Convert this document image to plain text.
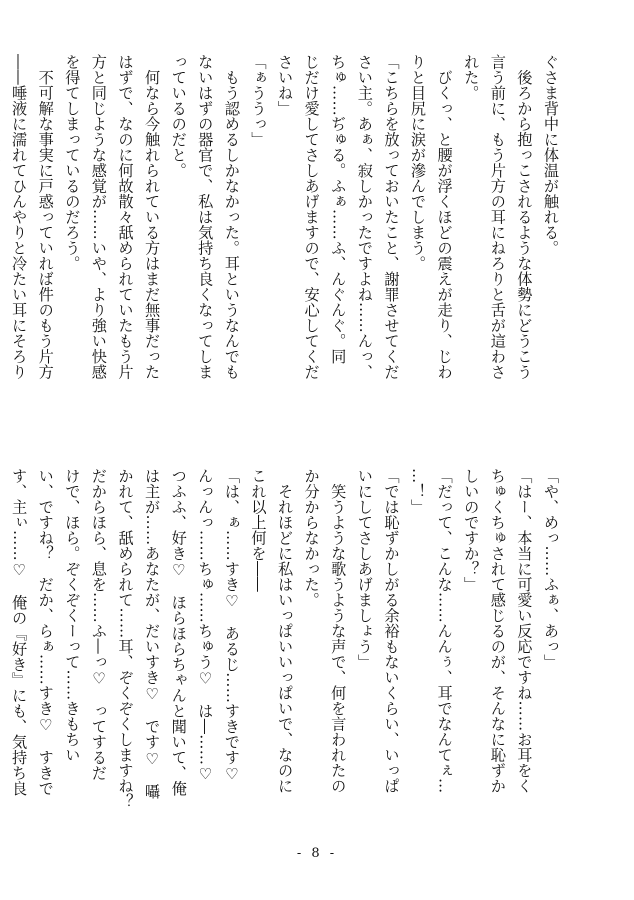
ぐさま背中に体温が触れる。
　後ろから抱っこされるような体勢にどうこう
言う前に、もう片方の耳にねろりと舌が這わさ
れた。
　びくっ、と腰が浮くほどの震えが走り、じわ
りと目尻に涙が滲んでしまう。
「こちらを放っておいたこと、謝罪させてくだ
さい主。あぁ、寂しかったですよね……んっ、
ちゅ……ぢゅる。ふぁ……ふ、んぐんぐ。同
じだけ愛してさしあげますので、安心してくだ
さいね」
「ぁううっ」
　もう認めるしかなかった。耳というなんでも
ないはずの器官で、私は気持ち良くなってしま
っているのだと。
　何なら今触れられている方はまだ無事だった
はずで、なのに何故散々舐められていたもう片
方と同じような感覚が……いや、より強い快感
を得てしまっているのだろう。
　不可解な事実に戸惑っていれば件のもう片方
――唾液に濡れてひんやりと冷たい耳にそろり
「や、めっ……ふぁ、あっ」
「はー、本当に可愛い反応ですね……お耳をく
ちゅくちゅされて感じるのが、そんなに恥ずか
しいのですか？」
「だって、こんな……んんぅ、耳でなんてぇ…
…！」
「では恥ずかしがる余裕もないくらい、いっぱ
いにしてさしあげましょう」
　笑うような歌うような声で、何を言われたの
か分からなかった。
　それほどに私はいっぱいいっぱいで、なのに
これ以上何を――
「は、ぁ……すき♡　あるじ……すきです♡
んっんっ……ちゅ……ちゅう♡　は―……♡
つふふ、好き♡　ほらほらちゃんと聞いて、俺
は主が……あなたが、だいすき♡　です♡　囁
かれて、舐められて……耳、ぞくぞくしますね？
だからほら、息を……ふ―っ♡　ってするだ
けで、ほら。ぞくぞくーって……きもちい
い、ですね？　だか、らぁ……すき♡　すきで
す、主ぃ……♡　俺の『好き』にも、気持ち良
- 8 -
